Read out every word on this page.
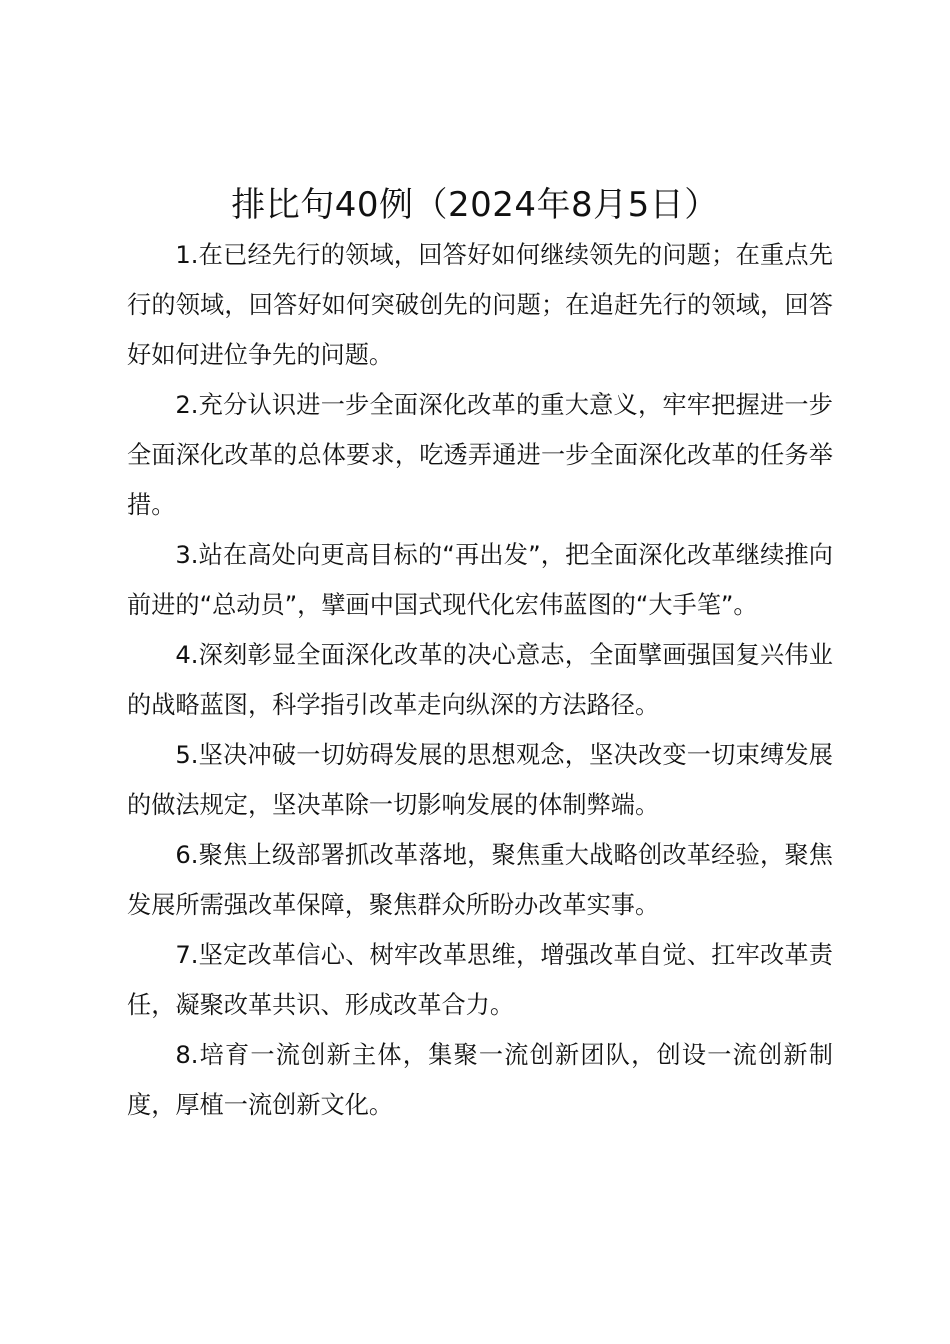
排比句40例（2024年8月5日）

1.在已经先行的领域，回答好如何继续领先的问题；在重点先行的领域，回答好如何突破创先的问题；在追赶先行的领域，回答好如何进位争先的问题。

2.充分认识进一步全面深化改革的重大意义，牢牢把握进一步全面深化改革的总体要求，吃透弄通进一步全面深化改革的任务举措。

3.站在高处向更高目标的“再出发”，把全面深化改革继续推向前进的“总动员”，擘画中国式现代化宏伟蓝图的“大手笔”。

4.深刻彰显全面深化改革的决心意志，全面擘画强国复兴伟业的战略蓝图，科学指引改革走向纵深的方法路径。

5.坚决冲破一切妨碍发展的思想观念，坚决改变一切束缚发展的做法规定，坚决革除一切影响发展的体制弊端。

6.聚焦上级部署抓改革落地，聚焦重大战略创改革经验，聚焦发展所需强改革保障，聚焦群众所盼办改革实事。

7.坚定改革信心、树牢改革思维，增强改革自觉、扛牢改革责任，凝聚改革共识、形成改革合力。

8.培育一流创新主体，集聚一流创新团队，创设一流创新制度，厚植一流创新文化。
